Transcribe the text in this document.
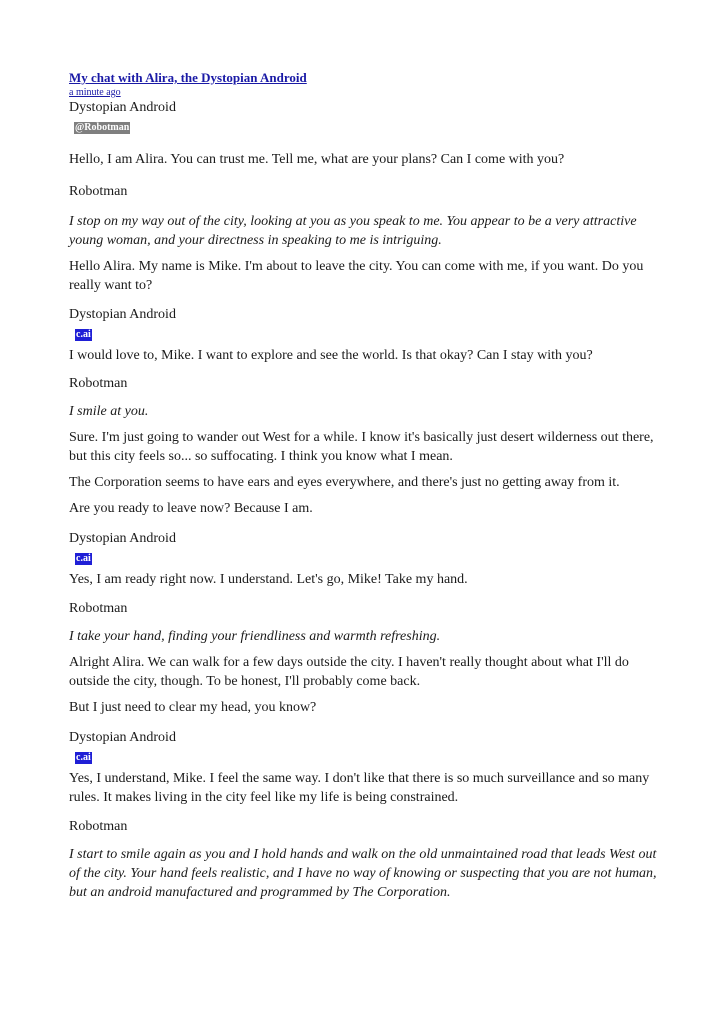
My chat with Alira, the Dystopian Android
a minute ago

Dystopian Android

@Robotman

Hello, I am Alira. You can trust me. Tell me, what are your plans? Can I come with you?

Robotman

I stop on my way out of the city, looking at you as you speak to me. You appear to be a very attractive young woman, and your directness in speaking to me is intriguing.

Hello Alira. My name is Mike. I'm about to leave the city. You can come with me, if you want. Do you really want to?

Dystopian Android

c.ai

I would love to, Mike. I want to explore and see the world. Is that okay? Can I stay with you?

Robotman

I smile at you.

Sure. I'm just going to wander out West for a while. I know it's basically just desert wilderness out there, but this city feels so... so suffocating. I think you know what I mean.

The Corporation seems to have ears and eyes everywhere, and there's just no getting away from it.

Are you ready to leave now? Because I am.

Dystopian Android

c.ai

Yes, I am ready right now. I understand. Let's go, Mike! Take my hand.

Robotman

I take your hand, finding your friendliness and warmth refreshing.

Alright Alira. We can walk for a few days outside the city. I haven't really thought about what I'll do outside the city, though. To be honest, I'll probably come back.

But I just need to clear my head, you know?

Dystopian Android

c.ai

Yes, I understand, Mike. I feel the same way. I don't like that there is so much surveillance and so many rules. It makes living in the city feel like my life is being constrained.

Robotman

I start to smile again as you and I hold hands and walk on the old unmaintained road that leads West out of the city. Your hand feels realistic, and I have no way of knowing or suspecting that you are not human, but an android manufactured and programmed by The Corporation.
